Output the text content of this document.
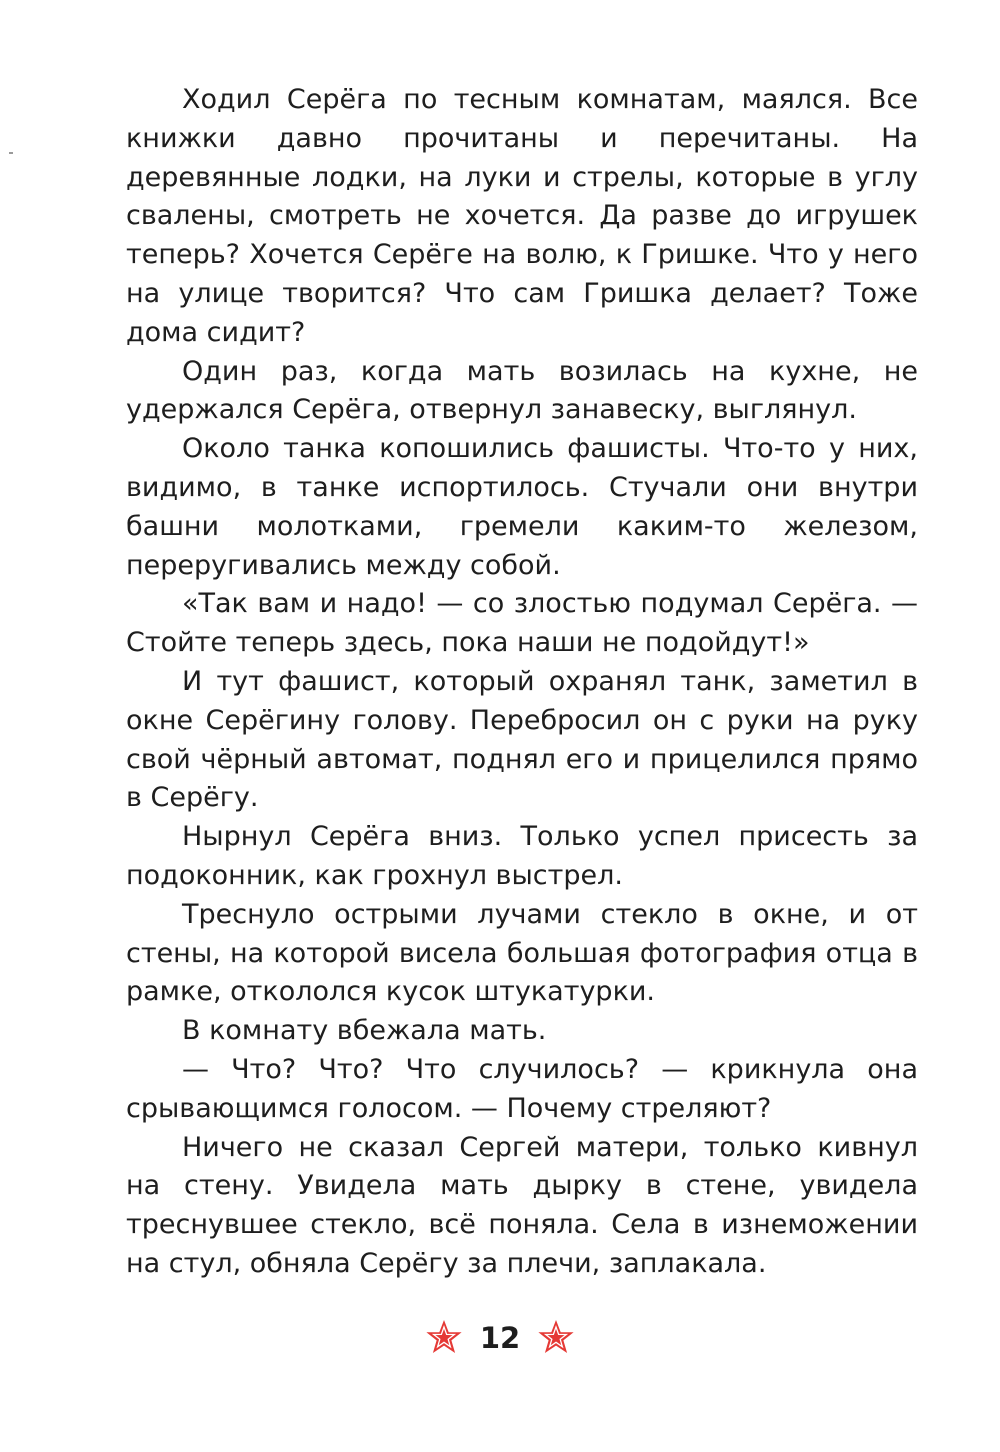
Ходил Серёга по тесным комнатам, маялся. Все книжки давно прочитаны и перечитаны. На деревянные лодки, на луки и стрелы, которые в углу свалены, смотреть не хочется. Да разве до игрушек теперь? Хочется Серёге на волю, к Гришке. Что у него на улице творится? Что сам Гришка делает? Тоже дома сидит?

Один раз, когда мать возилась на кухне, не удержался Серёга, отвернул занавеску, выглянул.

Около танка копошились фашисты. Что-то у них, видимо, в танке испортилось. Стучали они внутри башни молотками, гремели каким-то железом, переругивались между собой.

«Так вам и надо! — со злостью подумал Серёга. — Стойте теперь здесь, пока наши не подойдут!»

И тут фашист, который охранял танк, заметил в окне Серёгину голову. Перебросил он с руки на руку свой чёрный автомат, поднял его и прицелился прямо в Серёгу.

Нырнул Серёга вниз. Только успел присесть за подоконник, как грохнул выстрел.

Треснуло острыми лучами стекло в окне, и от стены, на которой висела большая фотография отца в рамке, откололся кусок штукатурки.

В комнату вбежала мать.

— Что? Что? Что случилось? — крикнула она срывающимся голосом. — Почему стреляют?

Ничего не сказал Сергей матери, только кивнул на стену. Увидела мать дырку в стене, увидела треснувшее стекло, всё поняла. Села в изнеможении на стул, обняла Серёгу за плечи, заплакала.

12
